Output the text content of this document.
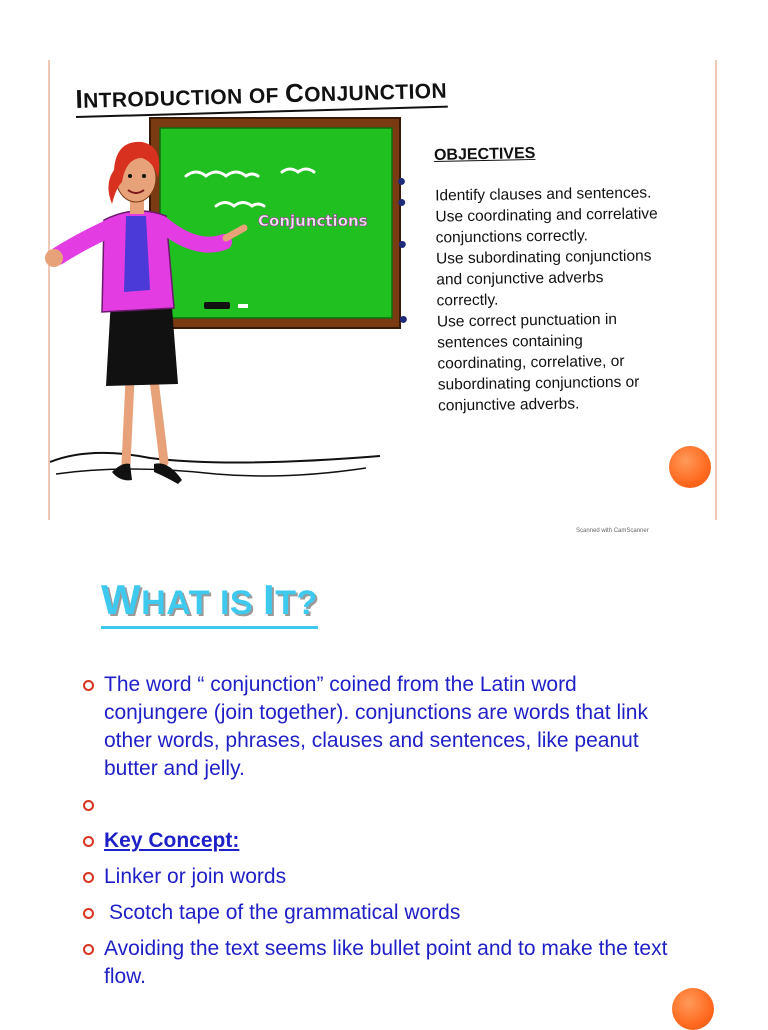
INTRODUCTION OF CONJUNCTION
Conjunctions
OBJECTIVES
Identify clauses and sentences.
Use coordinating and correlative conjunctions correctly.
Use subordinating conjunctions and conjunctive adverbs correctly.
Use correct punctuation in sentences containing coordinating, correlative, or subordinating conjunctions or conjunctive adverbs.
Scanned with CamScanner
WHAT IS IT?
The word “ conjunction” coined from the Latin word conjungere (join together). conjunctions are words that link other words, phrases, clauses and sentences, like peanut butter and jelly.
Key Concept:
Linker or join words
Scotch tape of the grammatical words
Avoiding the text seems like bullet point and to make the text flow.
